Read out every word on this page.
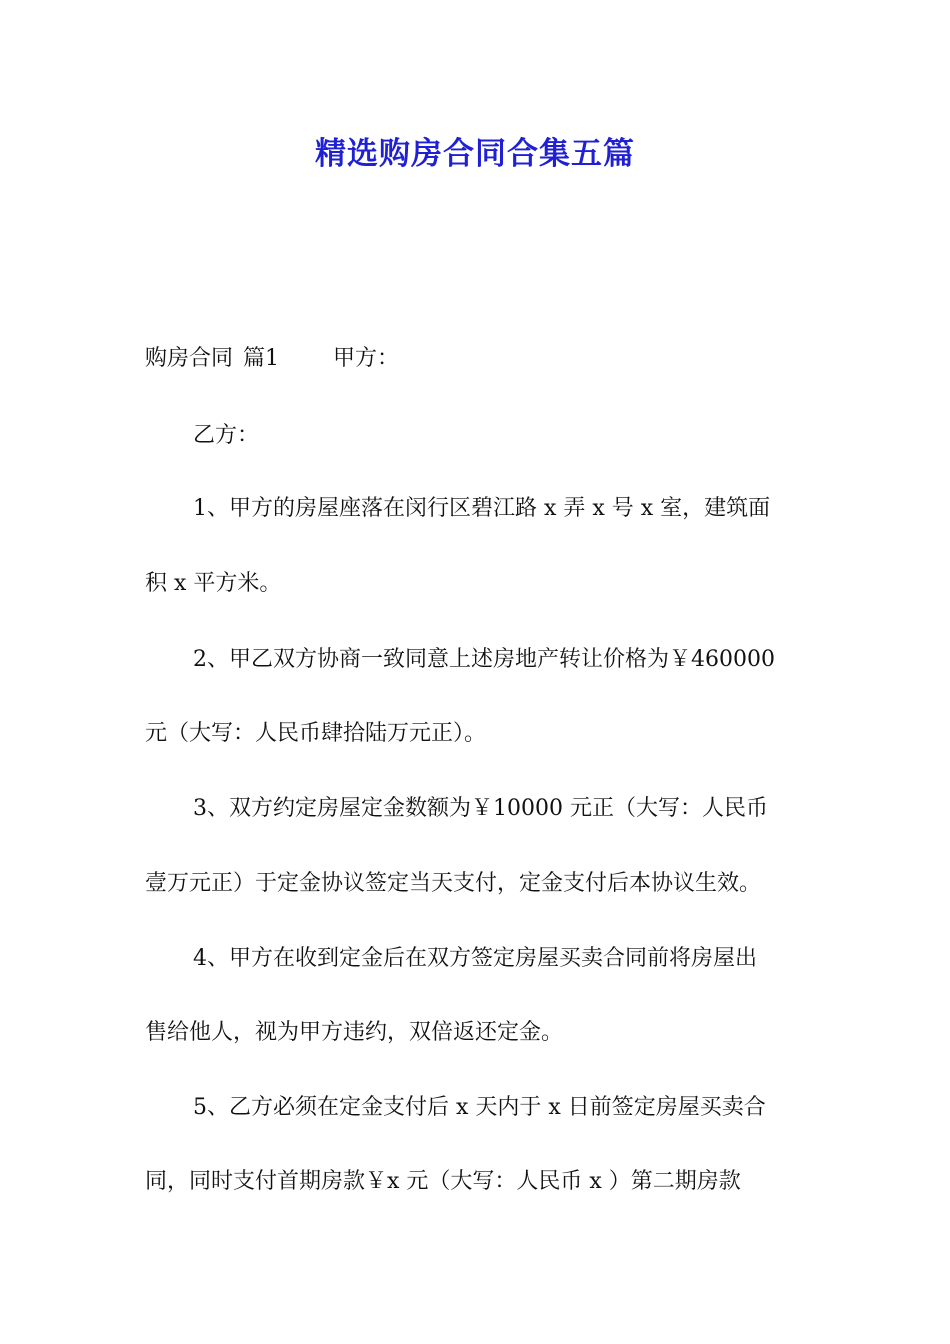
精选购房合同合集五篇

购房合同 篇1 甲方：

乙方：

1、甲方的房屋座落在闵行区碧江路 x 弄 x 号 x 室，建筑面

积 x 平方米。

2、甲乙双方协商一致同意上述房地产转让价格为￥460000

元（大写：人民币肆拾陆万元正）。

3、双方约定房屋定金数额为￥10000 元正（大写：人民币

壹万元正）于定金协议签定当天支付，定金支付后本协议生效。

4、甲方在收到定金后在双方签定房屋买卖合同前将房屋出

售给他人，视为甲方违约，双倍返还定金。

5、乙方必须在定金支付后 x 天内于 x 日前签定房屋买卖合

同，同时支付首期房款￥x 元（大写：人民币 x ）第二期房款
